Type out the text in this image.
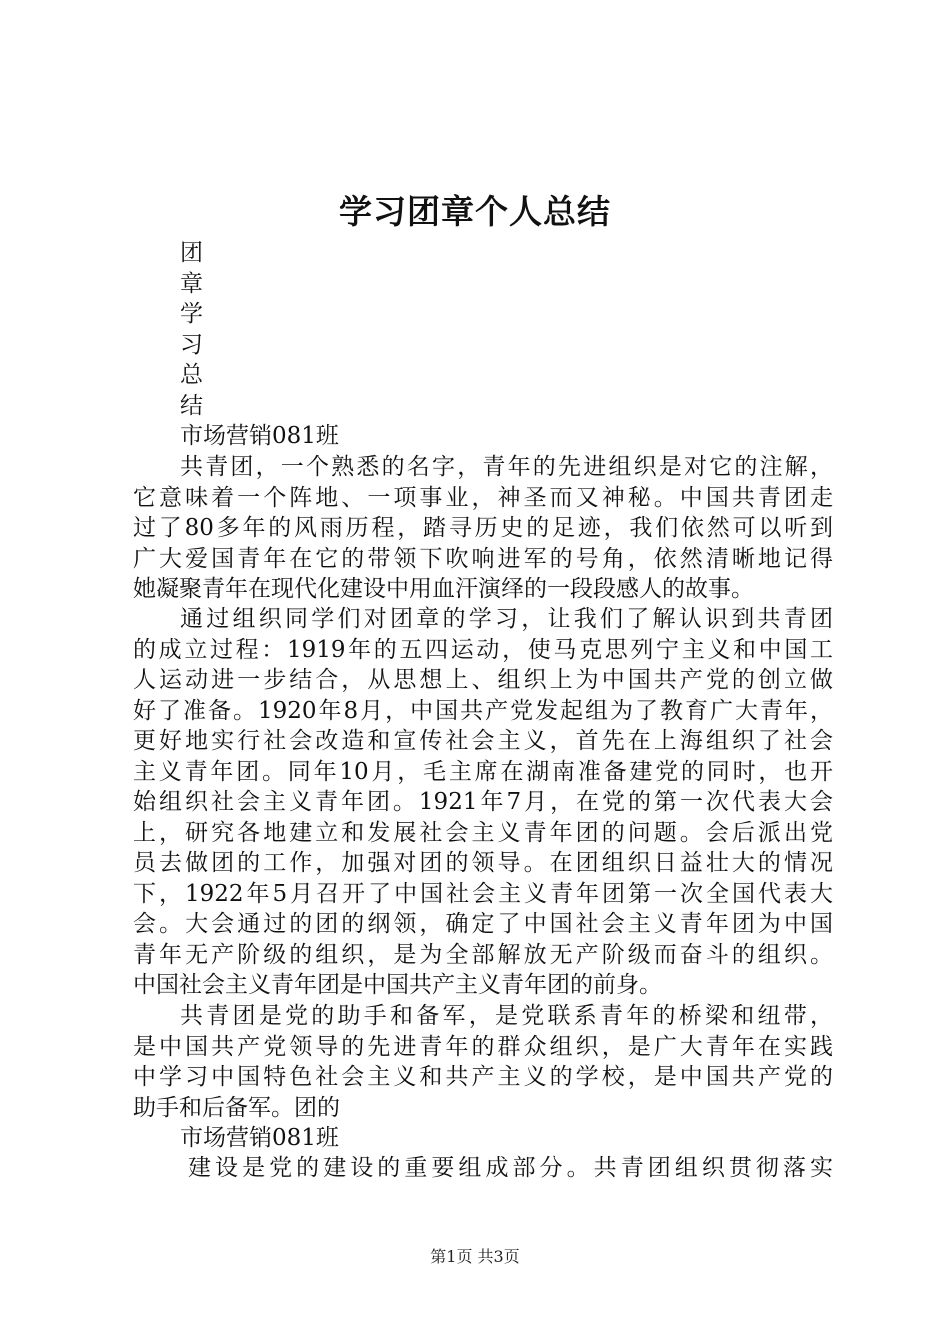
学习团章个人总结
团
章
学
习
总
结
市场营销081班
共青团，一个熟悉的名字，青年的先进组织是对它的注解，
它意味着一个阵地、一项事业，神圣而又神秘。中国共青团走
过了80多年的风雨历程，踏寻历史的足迹，我们依然可以听到
广大爱国青年在它的带领下吹响进军的号角，依然清晰地记得
她凝聚青年在现代化建设中用血汗演绎的一段段感人的故事。
通过组织同学们对团章的学习，让我们了解认识到共青团
的成立过程：1919年的五四运动，使马克思列宁主义和中国工
人运动进一步结合，从思想上、组织上为中国共产党的创立做
好了准备。1920年8月，中国共产党发起组为了教育广大青年，
更好地实行社会改造和宣传社会主义，首先在上海组织了社会
主义青年团。同年10月，毛主席在湖南准备建党的同时，也开
始组织社会主义青年团。1921年7月，在党的第一次代表大会
上，研究各地建立和发展社会主义青年团的问题。会后派出党
员去做团的工作，加强对团的领导。在团组织日益壮大的情况
下，1922年5月召开了中国社会主义青年团第一次全国代表大
会。大会通过的团的纲领，确定了中国社会主义青年团为中国
青年无产阶级的组织，是为全部解放无产阶级而奋斗的组织。
中国社会主义青年团是中国共产主义青年团的前身。
共青团是党的助手和备军，是党联系青年的桥梁和纽带，
是中国共产党领导的先进青年的群众组织，是广大青年在实践
中学习中国特色社会主义和共产主义的学校，是中国共产党的
助手和后备军。团的
市场营销081班
建设是党的建设的重要组成部分。共青团组织贯彻落实
第1页 共3页
